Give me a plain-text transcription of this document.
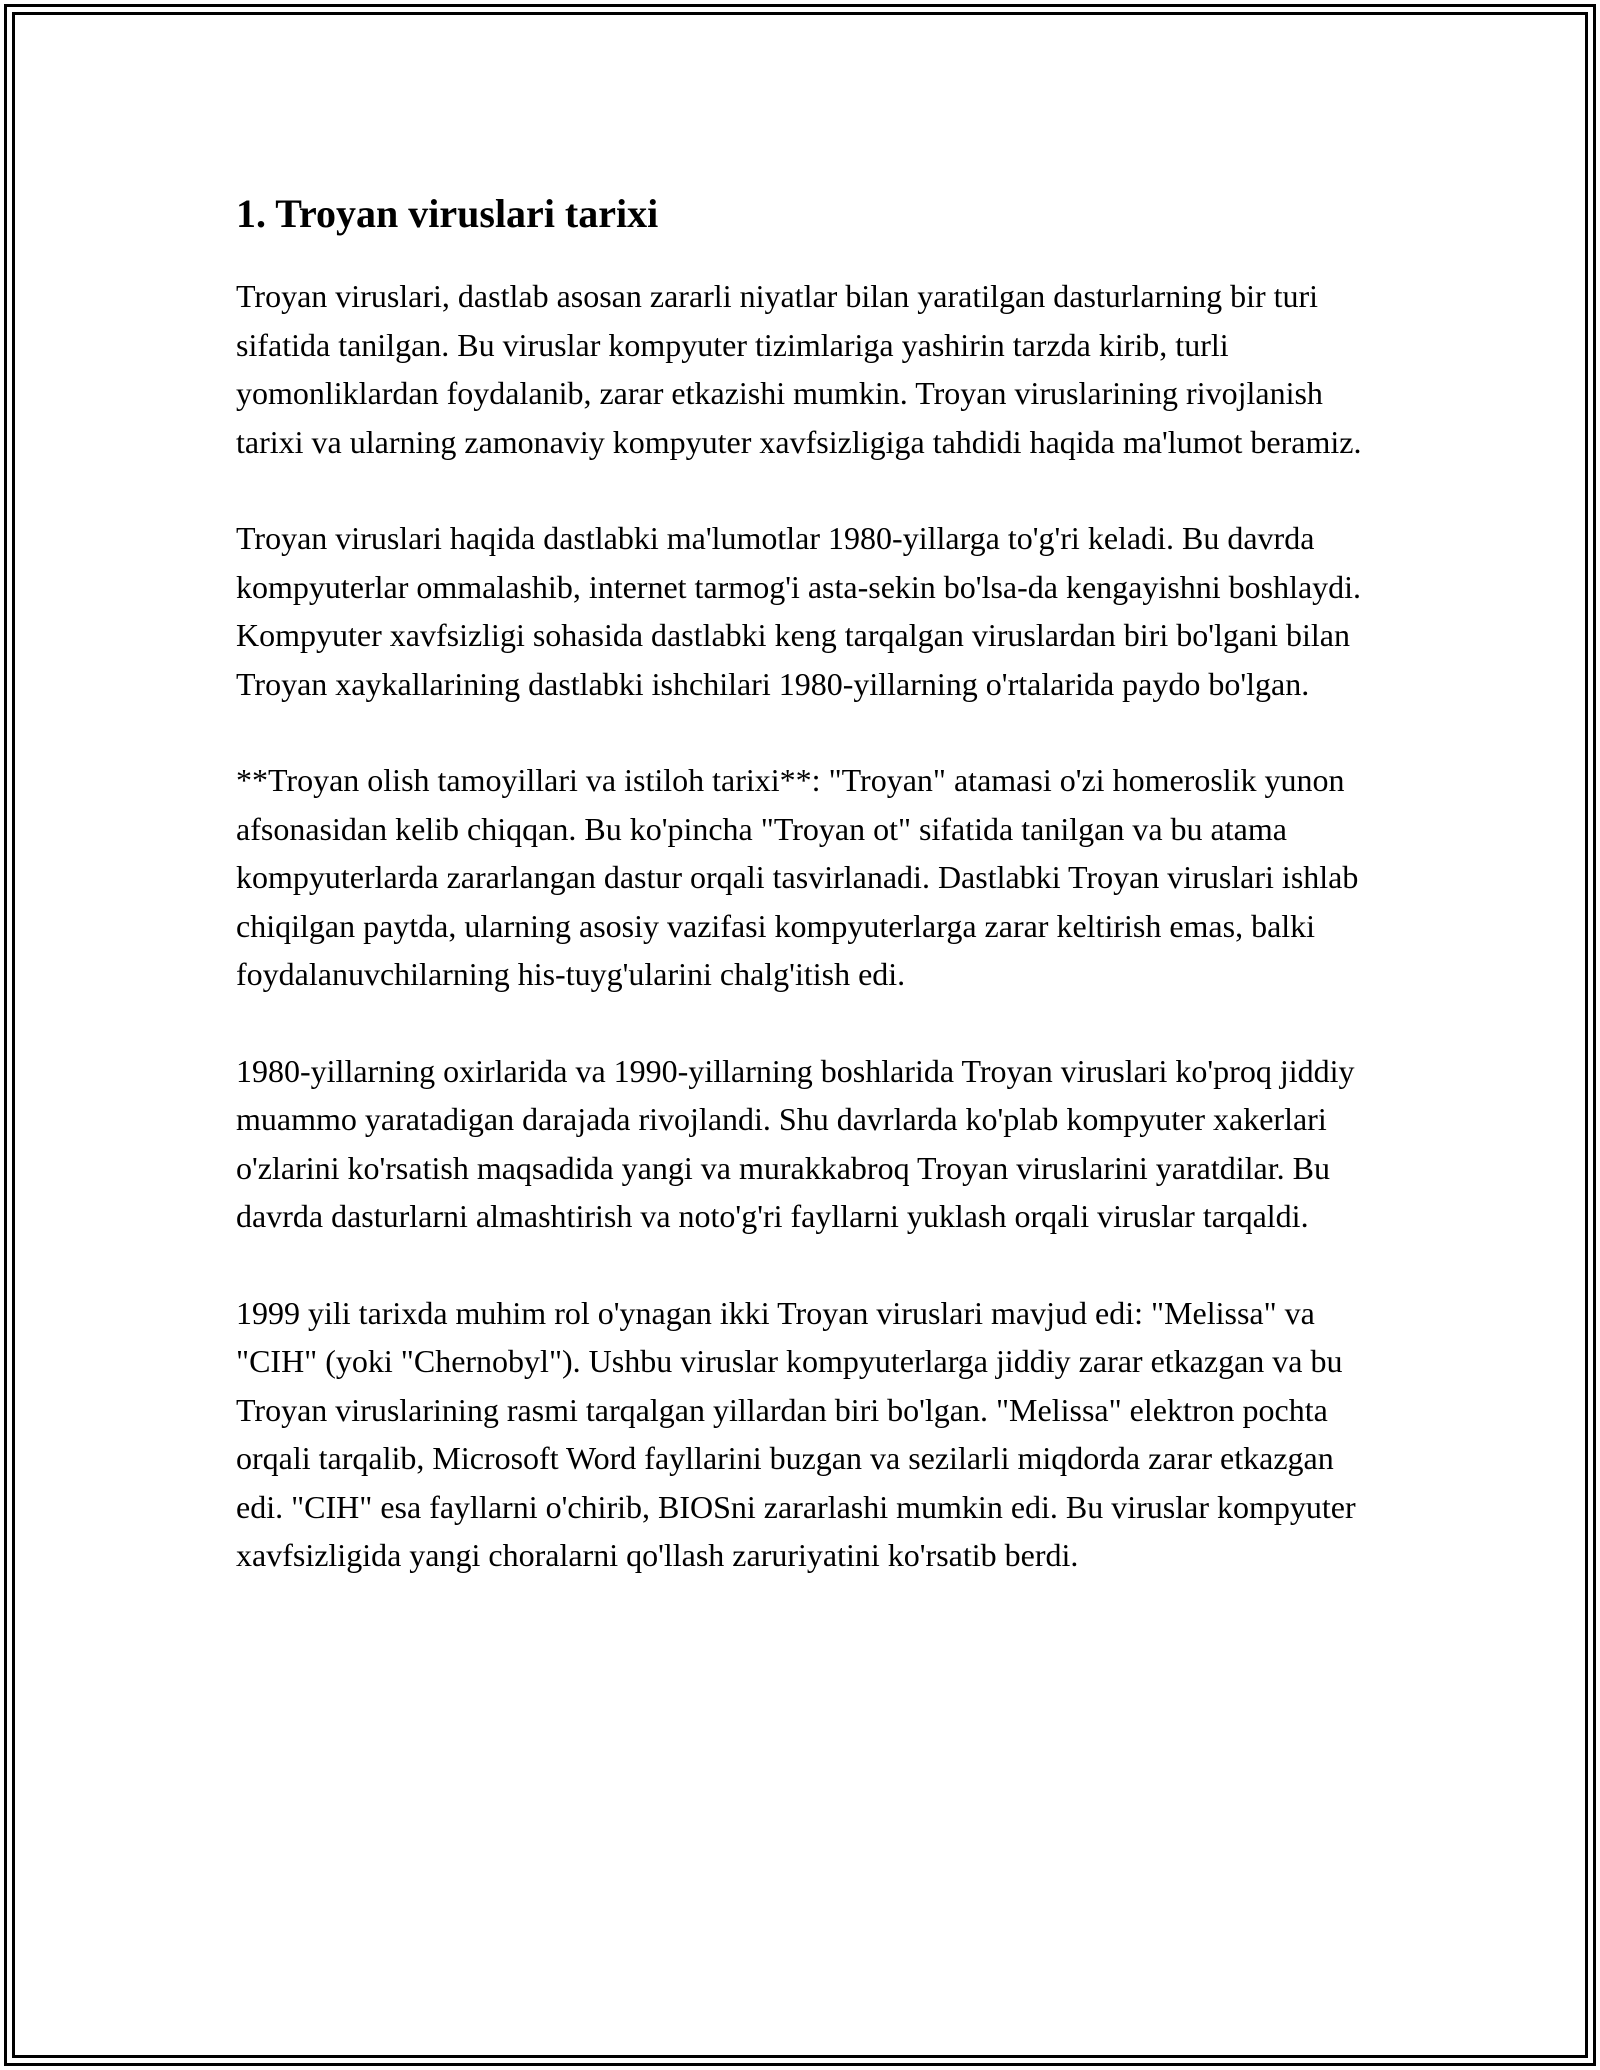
1. Troyan viruslari tarixi

Troyan viruslari, dastlab asosan zararli niyatlar bilan yaratilgan dasturlarning bir turi sifatida tanilgan. Bu viruslar kompyuter tizimlariga yashirin tarzda kirib, turli yomonliklardan foydalanib, zarar etkazishi mumkin. Troyan viruslarining rivojlanish tarixi va ularning zamonaviy kompyuter xavfsizligiga tahdidi haqida ma'lumot beramiz.

Troyan viruslari haqida dastlabki ma'lumotlar 1980-yillarga to'g'ri keladi. Bu davrda kompyuterlar ommalashib, internet tarmog'i asta-sekin bo'lsa-da kengayishni boshlaydi. Kompyuter xavfsizligi sohasida dastlabki keng tarqalgan viruslardan biri bo'lgani bilan Troyan xaykallarining dastlabki ishchilari 1980-yillarning o'rtalarida paydo bo'lgan.

**Troyan olish tamoyillari va istiloh tarixi**: "Troyan" atamasi o'zi homeroslik yunon afsonasidan kelib chiqqan. Bu ko'pincha "Troyan ot" sifatida tanilgan va bu atama kompyuterlarda zararlangan dastur orqali tasvirlanadi. Dastlabki Troyan viruslari ishlab chiqilgan paytda, ularning asosiy vazifasi kompyuterlarga zarar keltirish emas, balki foydalanuvchilarning his-tuyg'ularini chalg'itish edi.

1980-yillarning oxirlarida va 1990-yillarning boshlarida Troyan viruslari ko'proq jiddiy muammo yaratadigan darajada rivojlandi. Shu davrlarda ko'plab kompyuter xakerlari o'zlarini ko'rsatish maqsadida yangi va murakkabroq Troyan viruslarini yaratdilar. Bu davrda dasturlarni almashtirish va noto'g'ri fayllarni yuklash orqali viruslar tarqaldi.

1999 yili tarixda muhim rol o'ynagan ikki Troyan viruslari mavjud edi: "Melissa" va "CIH" (yoki "Chernobyl"). Ushbu viruslar kompyuterlarga jiddiy zarar etkazgan va bu Troyan viruslarining rasmi tarqalgan yillardan biri bo'lgan. "Melissa" elektron pochta orqali tarqalib, Microsoft Word fayllarini buzgan va sezilarli miqdorda zarar etkazgan edi. "CIH" esa fayllarni o'chirib, BIOSni zararlashi mumkin edi. Bu viruslar kompyuter xavfsizligida yangi choralarni qo'llash zaruriyatini ko'rsatib berdi.
